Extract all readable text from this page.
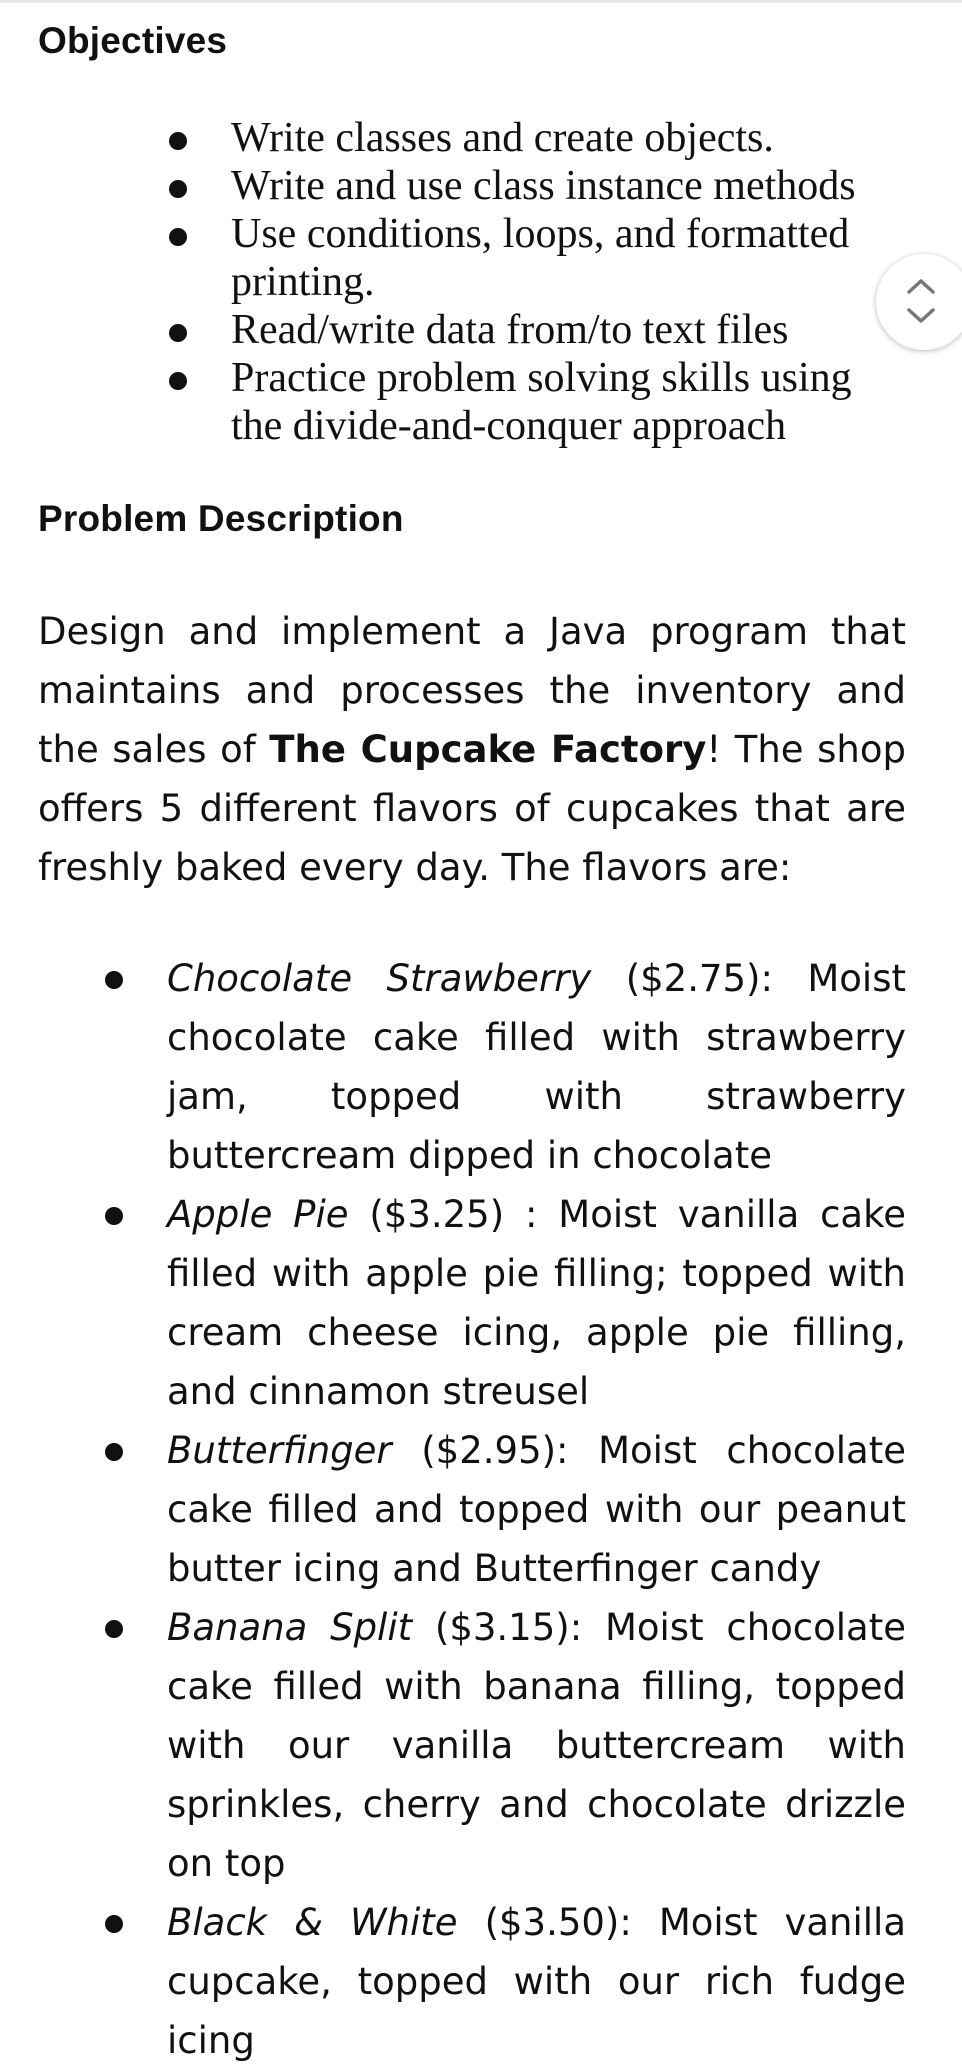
Objectives
Write classes and create objects.
Write and use class instance methods
Use conditions, loops, and formatted printing.
Read/write data from/to text files
Practice problem solving skills using the divide-and-conquer approach
Problem Description

Design and implement a Java program that maintains and processes the inventory and the sales of The Cupcake Factory! The shop offers 5 different flavors of cupcakes that are freshly baked every day. The flavors are:

Chocolate Strawberry ($2.75): Moist chocolate cake filled with strawberry jam, topped with strawberry buttercream dipped in chocolate
Apple Pie ($3.25) : Moist vanilla cake filled with apple pie filling; topped with cream cheese icing, apple pie filling, and cinnamon streusel
Butterfinger ($2.95): Moist chocolate cake filled and topped with our peanut butter icing and Butterfinger candy
Banana Split ($3.15): Moist chocolate cake filled with banana filling, topped with our vanilla buttercream with sprinkles, cherry and chocolate drizzle on top
Black & White ($3.50): Moist vanilla cupcake, topped with our rich fudge icing
